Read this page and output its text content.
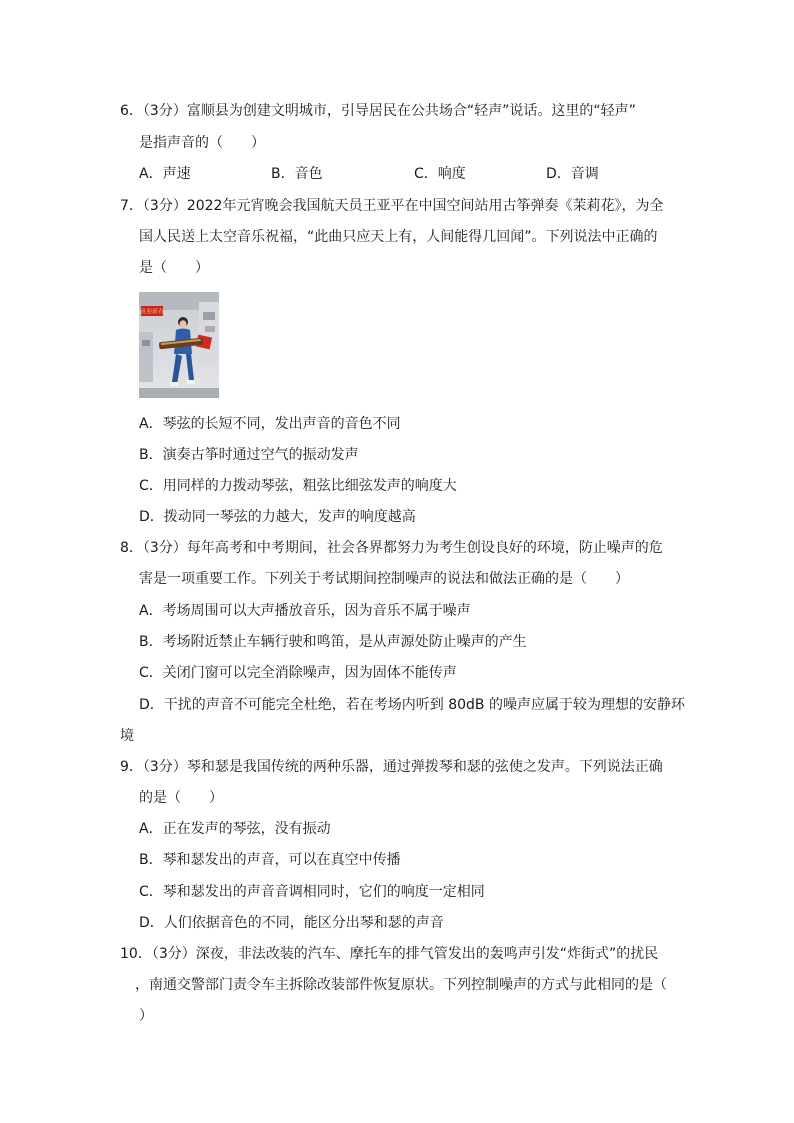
6．（3分）富顺县为创建文明城市，引导居民在公共场合“轻声”说话。这里的“轻声”
是指声音的（　　）
A．声速	B．音色	C．响度	D．音调
7．（3分）2022年元宵晚会我国航天员王亚平在中国空间站用古筝弹奏《茉莉花》，为全
国人民送上太空音乐祝福，“此曲只应天上有，人间能得几回闻”。下列说法中正确的
是（　　）
喜迎新春
A．琴弦的长短不同，发出声音的音色不同
B．演奏古筝时通过空气的振动发声
C．用同样的力拨动琴弦，粗弦比细弦发声的响度大
D．拨动同一琴弦的力越大，发声的响度越高
8．（3分）每年高考和中考期间，社会各界都努力为考生创设良好的环境，防止噪声的危
害是一项重要工作。下列关于考试期间控制噪声的说法和做法正确的是（　　）
A．考场周围可以大声播放音乐，因为音乐不属于噪声
B．考场附近禁止车辆行驶和鸣笛，是从声源处防止噪声的产生
C．关闭门窗可以完全消除噪声，因为固体不能传声
D．干扰的声音不可能完全杜绝，若在考场内听到 80dB 的噪声应属于较为理想的安静环
境
9．（3分）琴和瑟是我国传统的两种乐器，通过弹拨琴和瑟的弦使之发声。下列说法正确
的是（　　）
A．正在发声的琴弦，没有振动
B．琴和瑟发出的声音，可以在真空中传播
C．琴和瑟发出的声音音调相同时，它们的响度一定相同
D．人们依据音色的不同，能区分出琴和瑟的声音
10．（3分）深夜，非法改装的汽车、摩托车的排气管发出的轰鸣声引发“炸街式”的扰民
，南通交警部门责令车主拆除改装部件恢复原状。下列控制噪声的方式与此相同的是（
）
